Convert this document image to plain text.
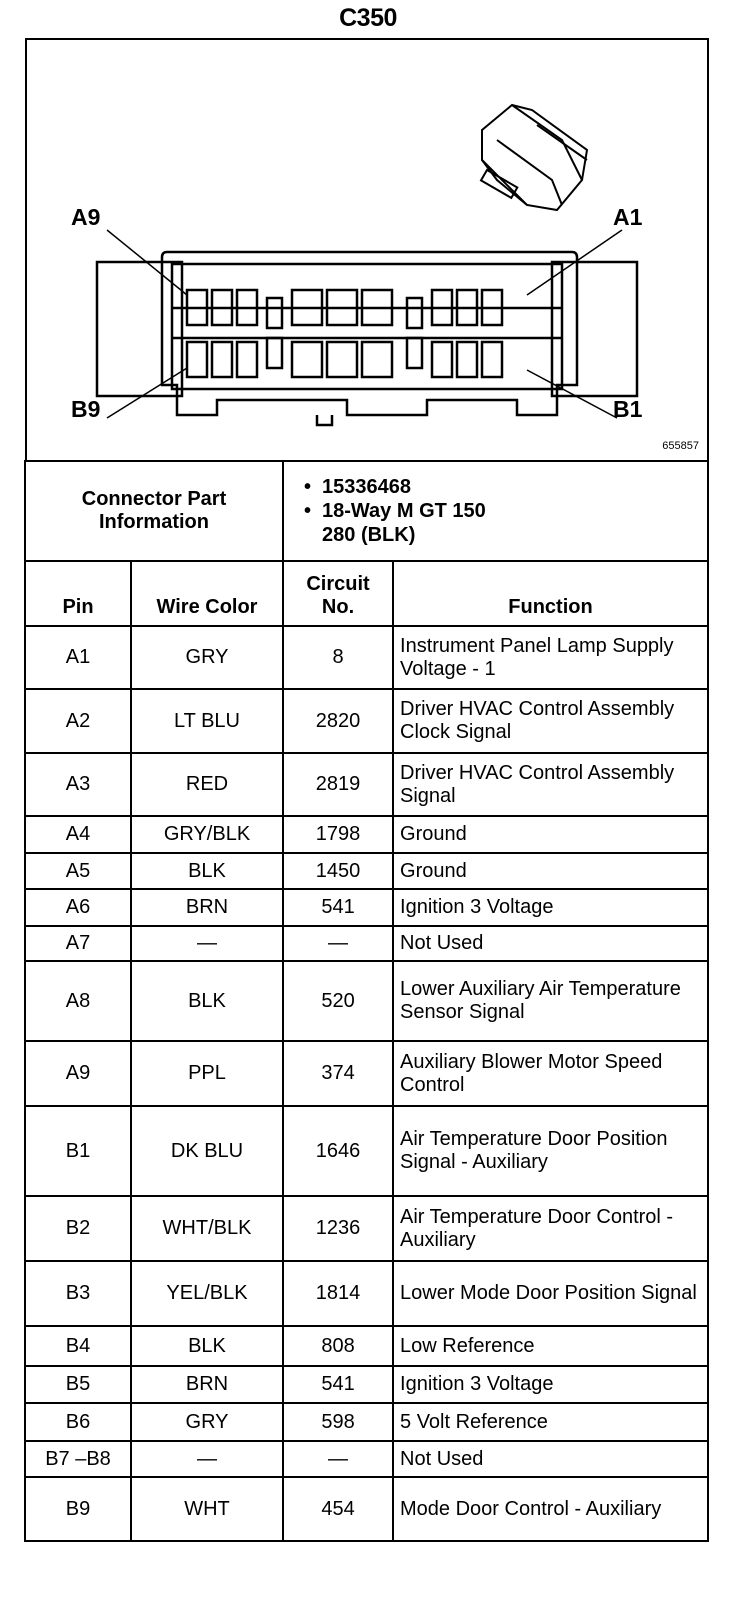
C350
A9	A1
B9	B1
655857
Connector Part Information		• 15336468
• 18-Way M GT 150 280 (BLK)	

Pin	Wire Color	Circuit No.	Function
A1	GRY	8	Instrument Panel Lamp Supply Voltage - 1
A2	LT BLU	2820	Driver HVAC Control Assembly Clock Signal
A3	RED	2819	Driver HVAC Control Assembly Signal
A4	GRY/BLK	1798	Ground
A5	BLK	1450	Ground
A6	BRN	541	Ignition 3 Voltage
A7	—	—	Not Used
A8	BLK	520	Lower Auxiliary Air Temperature Sensor Signal
A9	PPL	374	Auxiliary Blower Motor Speed Control
B1	DK BLU	1646	Air Temperature Door Position Signal - Auxiliary
B2	WHT/BLK	1236	Air Temperature Door Control - Auxiliary
B3	YEL/BLK	1814	Lower Mode Door Position Signal
B4	BLK	808	Low Reference
B5	BRN	541	Ignition 3 Voltage
B6	GRY	598	5 Volt Reference
B7 –B8	—	—	Not Used
B9	WHT	454	Mode Door Control - Auxiliary
